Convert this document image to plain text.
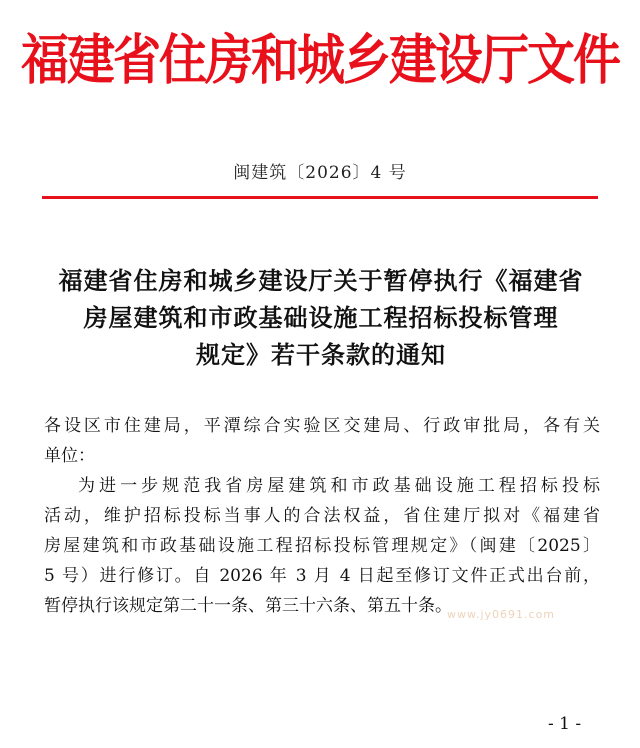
福建省住房和城乡建设厅文件
闽建筑〔2026〕4 号
福建省住房和城乡建设厅关于暂停执行《福建省
房屋建筑和市政基础设施工程招标投标管理
规定》若干条款的通知
各设区市住建局，平潭综合实验区交建局、行政审批局，各有关
单位：
为进一步规范我省房屋建筑和市政基础设施工程招标投标
活动，维护招标投标当事人的合法权益，省住建厅拟对《福建省
房屋建筑和市政基础设施工程招标投标管理规定》（闽建〔2025〕
5 号）进行修订。自 2026 年 3 月 4 日起至修订文件正式出台前，
暂停执行该规定第二十一条、第三十六条、第五十条。
www.jy0691.com
- 1 -
